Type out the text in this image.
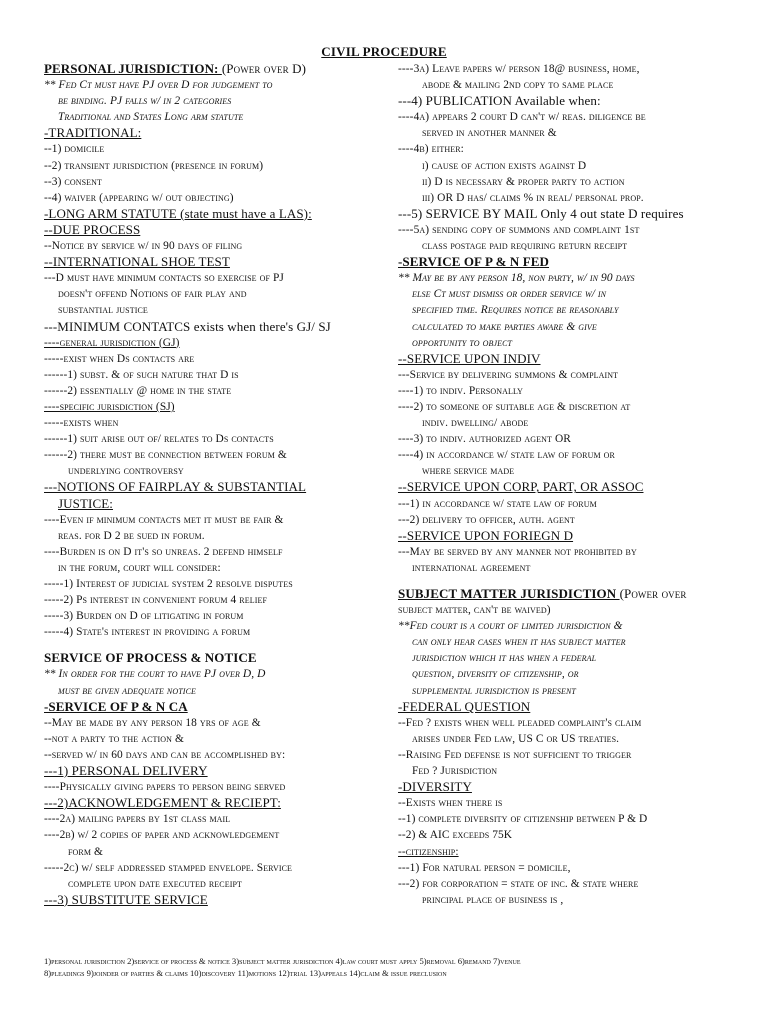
CIVIL PROCEDURE
PERSONAL JURISDICTION: (Power over D)
** Fed Ct must have PJ over D for judgement to
be binding. PJ falls w/ in 2 categories
Traditional and States Long arm statute
-TRADITIONAL:
--1) domicile
--2) transient jurisdiction (presence in forum)
--3) consent
--4) waiver (appearing w/ out objecting)
-LONG ARM STATUTE (state must have a LAS):
--DUE PROCESS
--Notice by service w/ in 90 days of filing
--INTERNATIONAL SHOE TEST
---D must have minimum contacts so exercise of PJ
doesn't offend Notions of fair play and
substantial justice
---MINIMUM CONTATCS exists when there's GJ/ SJ
----general jurisdiction (GJ)
-----exist when Ds contacts are
------1) subst. & of such nature that D is
------2) essentially @ home in the state
----specific jurisdiction (SJ)
-----exists when
------1) suit arise out of/ relates to Ds contacts
------2) there must be connection between forum &
underlying controversy
---NOTIONS OF FAIRPLAY & SUBSTANTIAL
JUSTICE:
----Even if minimum contacts met it must be fair &
reas. for D 2 be sued in forum.
----Burden is on D it's so unreas. 2 defend himself
in the forum, court will consider:
-----1) Interest of judicial system 2 resolve disputes
-----2) Ps interest in convenient forum 4 relief
-----3) Burden on D of litigating in forum
-----4) State's interest in providing a forum
SERVICE OF PROCESS & NOTICE
** In order for the court to have PJ over D, D
must be given adequate notice
-SERVICE OF P & N CA
--May be made by any person 18 yrs of age &
--not a party to the action &
--served w/ in 60 days and can be accomplished by:
---1) PERSONAL DELIVERY
----Physically giving papers to person being served
---2)ACKNOWLEDGEMENT & RECIEPT:
----2a) mailing papers by 1st class mail
----2b) w/ 2 copies of paper and acknowledgement
form &
-----2c) w/ self addressed stamped envelope. Service
complete upon date executed receipt
---3) SUBSTITUTE SERVICE
----3a) Leave papers w/ person 18@ business, home,
abode & mailing 2nd copy to same place
---4) PUBLICATION Available when:
----4a) appears 2 court D can't w/ reas. diligence be
served in another manner &
----4b) either:
i) cause of action exists against D
ii) D is necessary & proper party to action
iii) OR D has/ claims % in real/ personal prop.
---5) SERVICE BY MAIL Only 4 out state D requires
----5a) sending copy of summons and complaint 1st
class postage paid requiring return receipt
-SERVICE OF P & N FED
** May be by any person 18, non party, w/ in 90 days
else Ct must dismiss or order service w/ in
specified time. Requires notice be reasonably
calculated to make parties aware & give
opportunity to object
--SERVICE UPON INDIV
---Service by delivering summons & complaint
----1) to indiv. Personally
----2) to someone of suitable age & discretion at
indiv. dwelling/ abode
----3) to indiv. authorized agent OR
----4) in accordance w/ state law of forum or
where service made
--SERVICE UPON CORP, PART, OR ASSOC
---1) in accordance w/ state law of forum
---2) delivery to officer, auth. agent
--SERVICE UPON FORIEGN D
---May be served by any manner not prohibited by
international agreement
SUBJECT MATTER JURISDICTION (Power over
subject matter, can't be waived)
**Fed court is a court of limited jurisdiction &
can only hear cases when it has subject matter
jurisdiction which it has when a federal
question, diversity of citizenship, or
supplemental jurisdiction is present
-FEDERAL QUESTION
--Fed ? exists when well pleaded complaint's claim
arises under Fed law, US C or US treaties.
--Raising Fed defense is not sufficient to trigger
Fed ? Jurisdiction
-DIVERSITY
--Exists when there is
--1) complete diversity of citizenship between P & D
--2) & AIC exceeds 75K
--citizenship:
---1) For natural person = domicile,
---2) for corporation = state of inc. & state where
principal place of business is ,
1)personal jurisdiction 2)service of process & notice 3)subject matter jurisdiction 4)law court must apply 5)removal 6)remand 7)venue
8)pleadings 9)joinder of parties & claims 10)discovery 11)motions 12)trial 13)appeals 14)claim & issue preclusion
